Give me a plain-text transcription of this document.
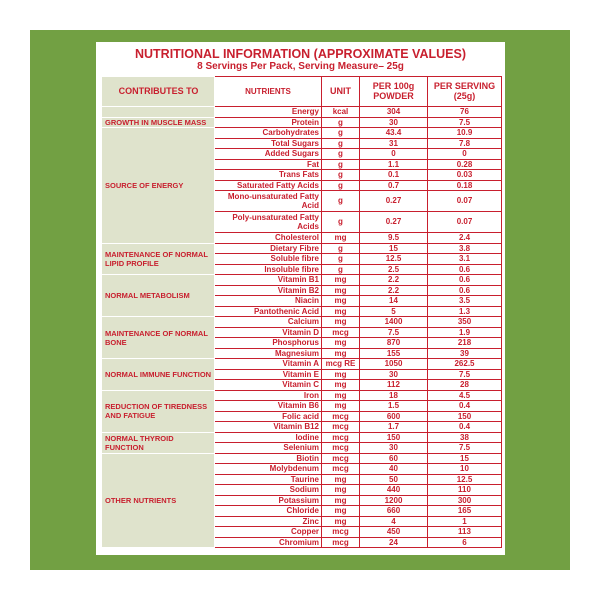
NUTRITIONAL INFORMATION (APPROXIMATE VALUES)
8 Servings Per Pack, Serving Measure– 25g
CONTRIBUTES TO	NUTRIENTS	UNIT	PER 100g POWDER	PER SERVING (25g)
	Energy	kcal	304	76
GROWTH IN MUSCLE MASS	Protein	g	30	7.5
SOURCE OF ENERGY	Carbohydrates	g	43.4	10.9
	Total Sugars	g	31	7.8
	Added Sugars	g	0	0
	Fat	g	1.1	0.28
	Trans Fats	g	0.1	0.03
	Saturated Fatty Acids	g	0.7	0.18
	Mono-unsaturated Fatty Acid	g	0.27	0.07
	Poly-unsaturated Fatty Acids	g	0.27	0.07
	Cholesterol	mg	9.5	2.4
MAINTENANCE OF NORMAL LIPID PROFILE	Dietary Fibre	g	15	3.8
	Soluble fibre	g	12.5	3.1
	Insoluble fibre	g	2.5	0.6
NORMAL METABOLISM	Vitamin B1	mg	2.2	0.6
	Vitamin B2	mg	2.2	0.6
	Niacin	mg	14	3.5
	Pantothenic Acid	mg	5	1.3
MAINTENANCE OF NORMAL BONE	Calcium	mg	1400	350
	Vitamin D	mcg	7.5	1.9
	Phosphorus	mg	870	218
	Magnesium	mg	155	39
NORMAL IMMUNE FUNCTION	Vitamin A	mcg RE	1050	262.5
	Vitamin E	mg	30	7.5
	Vitamin C	mg	112	28
REDUCTION OF TIREDNESS AND FATIGUE	Iron	mg	18	4.5
	Vitamin B6	mg	1.5	0.4
	Folic acid	mcg	600	150
	Vitamin B12	mcg	1.7	0.4
NORMAL THYROID FUNCTION	Iodine	mcg	150	38
	Selenium	mcg	30	7.5
OTHER NUTRIENTS	Biotin	mcg	60	15
	Molybdenum	mcg	40	10
	Taurine	mg	50	12.5
	Sodium	mg	440	110
	Potassium	mg	1200	300
	Chloride	mg	660	165
	Zinc	mg	4	1
	Copper	mcg	450	113
	Chromium	mcg	24	6
